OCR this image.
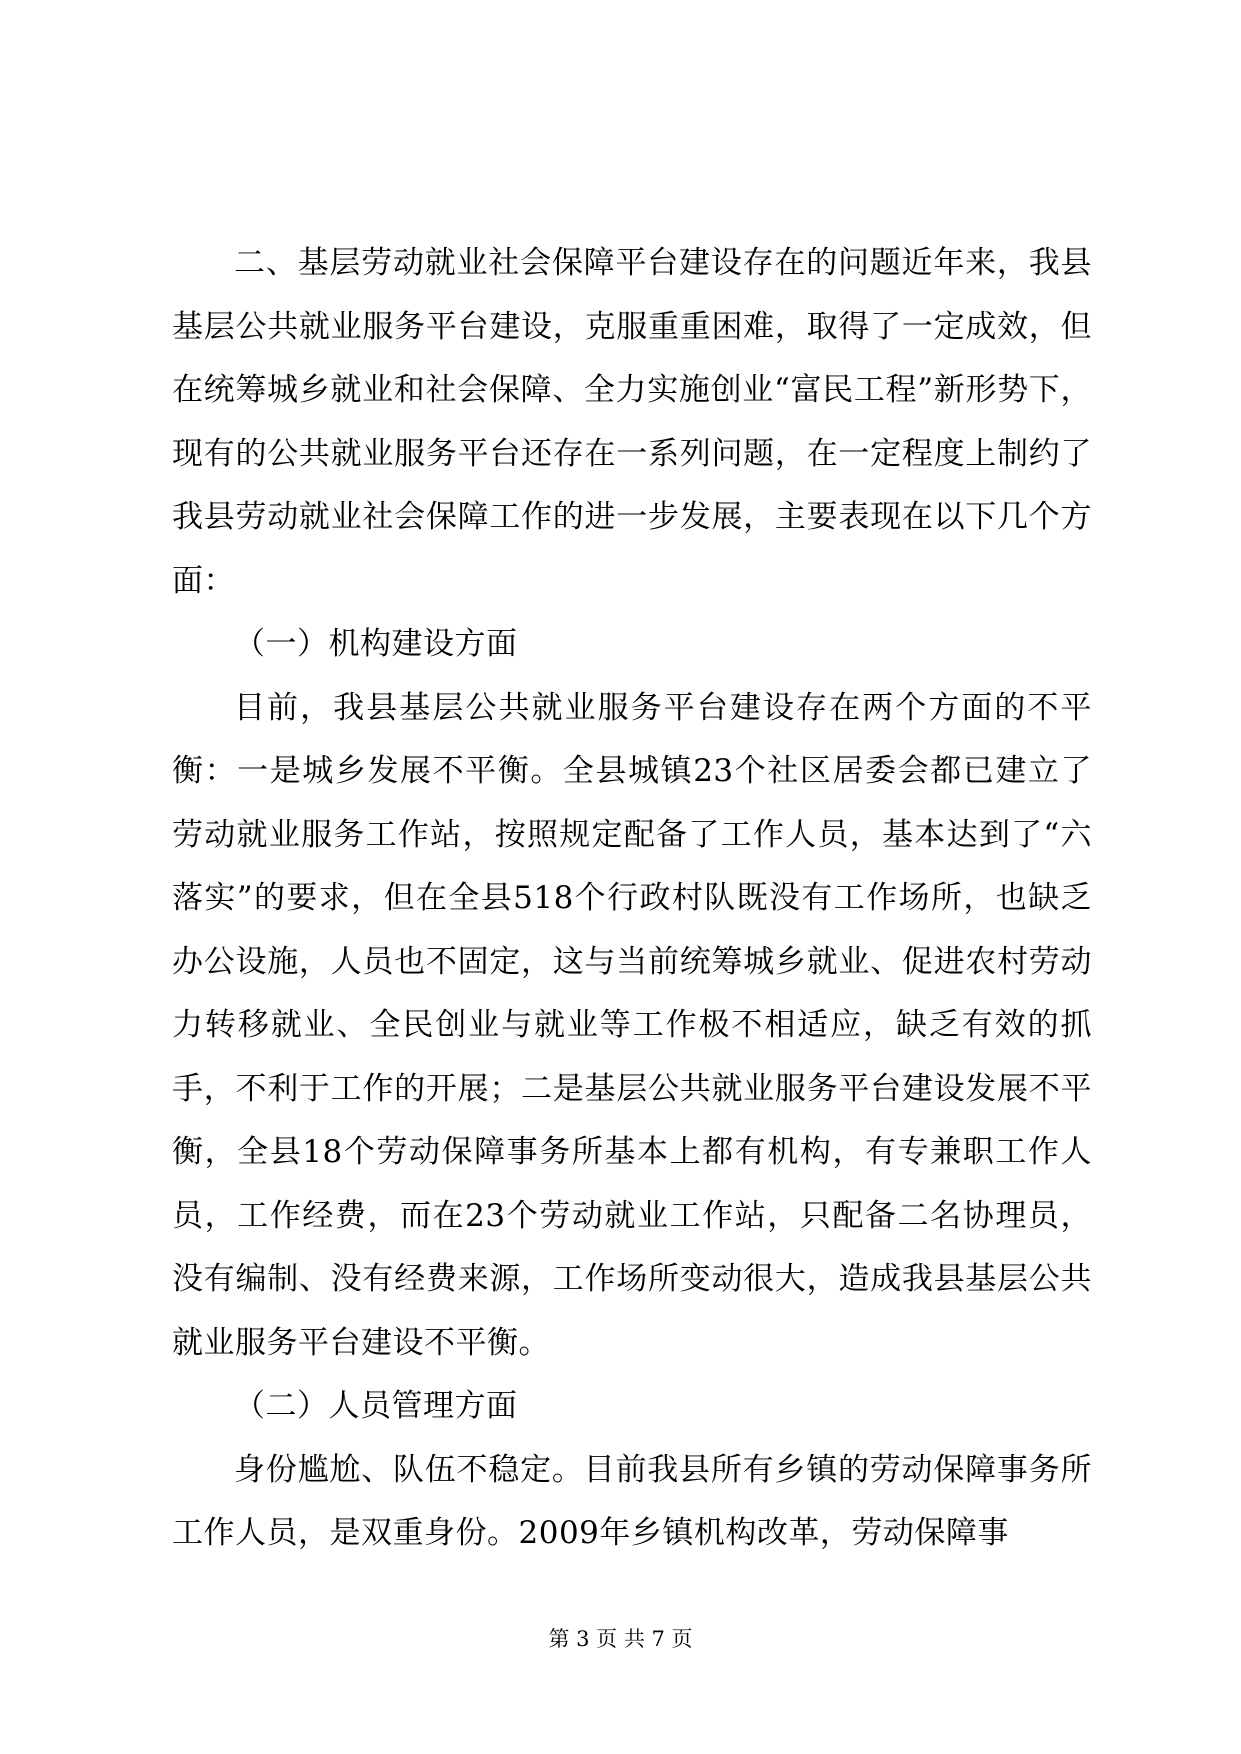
二、基层劳动就业社会保障平台建设存在的问题近年来，我县基层公共就业服务平台建设，克服重重困难，取得了一定成效，但在统筹城乡就业和社会保障、全力实施创业“富民工程”新形势下，现有的公共就业服务平台还存在一系列问题，在一定程度上制约了我县劳动就业社会保障工作的进一步发展，主要表现在以下几个方面：

（一）机构建设方面

目前，我县基层公共就业服务平台建设存在两个方面的不平衡：一是城乡发展不平衡。全县城镇23个社区居委会都已建立了劳动就业服务工作站，按照规定配备了工作人员，基本达到了“六落实”的要求，但在全县518个行政村队既没有工作场所，也缺乏办公设施，人员也不固定，这与当前统筹城乡就业、促进农村劳动力转移就业、全民创业与就业等工作极不相适应，缺乏有效的抓手，不利于工作的开展；二是基层公共就业服务平台建设发展不平衡，全县18个劳动保障事务所基本上都有机构，有专兼职工作人员，工作经费，而在23个劳动就业工作站，只配备二名协理员，没有编制、没有经费来源，工作场所变动很大，造成我县基层公共就业服务平台建设不平衡。

（二）人员管理方面

身份尴尬、队伍不稳定。目前我县所有乡镇的劳动保障事务所工作人员，是双重身份。2009年乡镇机构改革，劳动保障事

第 3 页 共 7 页
